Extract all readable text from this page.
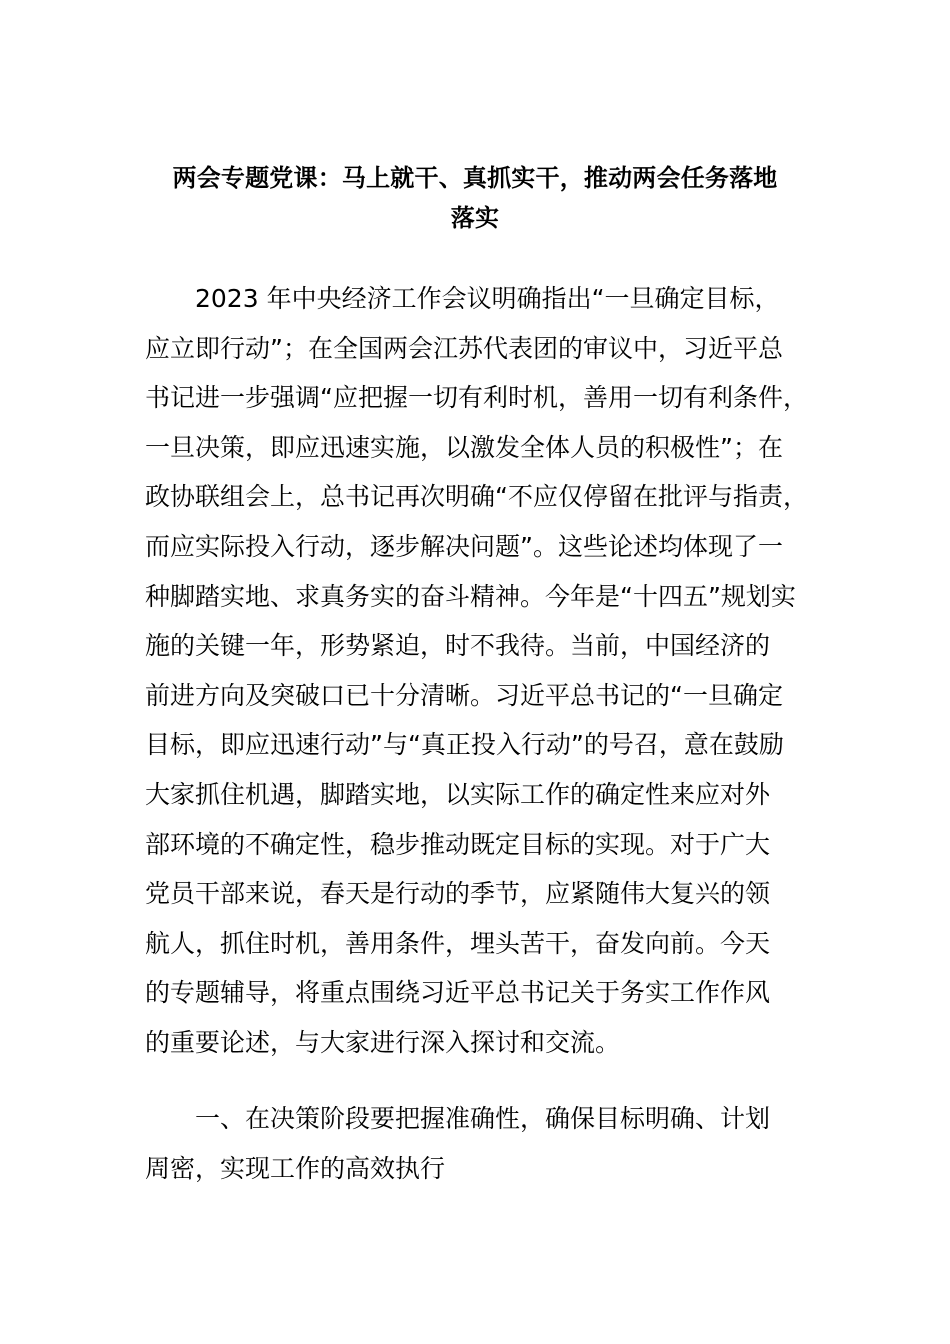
两会专题党课：马上就干、真抓实干，推动两会任务落地
落实
　　2023 年中央经济工作会议明确指出“一旦确定目标，
应立即行动”；在全国两会江苏代表团的审议中，习近平总
书记进一步强调“应把握一切有利时机，善用一切有利条件，
一旦决策，即应迅速实施，以激发全体人员的积极性”；在
政协联组会上，总书记再次明确“不应仅停留在批评与指责，
而应实际投入行动，逐步解决问题”。这些论述均体现了一
种脚踏实地、求真务实的奋斗精神。今年是“十四五”规划实
施的关键一年，形势紧迫，时不我待。当前，中国经济的
前进方向及突破口已十分清晰。习近平总书记的“一旦确定
目标，即应迅速行动”与“真正投入行动”的号召，意在鼓励
大家抓住机遇，脚踏实地，以实际工作的确定性来应对外
部环境的不确定性，稳步推动既定目标的实现。对于广大
党员干部来说，春天是行动的季节，应紧随伟大复兴的领
航人，抓住时机，善用条件，埋头苦干，奋发向前。今天
的专题辅导，将重点围绕习近平总书记关于务实工作作风
的重要论述，与大家进行深入探讨和交流。
　　一、在决策阶段要把握准确性，确保目标明确、计划
周密，实现工作的高效执行
